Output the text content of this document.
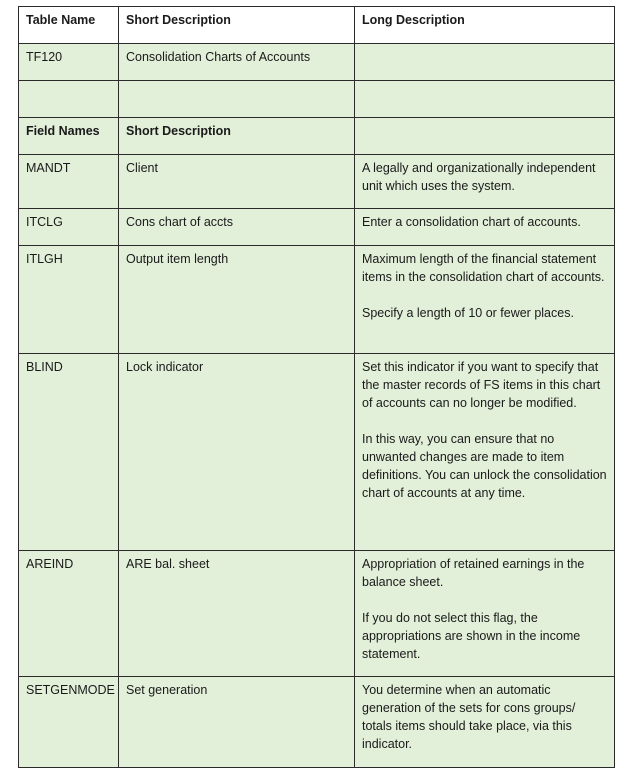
Table Name	Short Description	Long Description
TF120	Consolidation Charts of Accounts	

Field Names	Short Description	
MANDT	Client	A legally and organizationally independent unit which uses the system.

ITCLG	Cons chart of accts	Enter a consolidation chart of accounts.

ITLGH	Output item length	Maximum length of the financial statement items in the consolidation chart of accounts.
Specify a length of 10 or fewer places.

BLIND	Lock indicator	Set this indicator if you want to specify that the master records of FS items in this chart of accounts can no longer be modified.
In this way, you can ensure that no unwanted changes are made to item definitions. You can unlock the consolidation chart of accounts at any time.

AREIND	ARE bal. sheet	Appropriation of retained earnings in the balance sheet.
If you do not select this flag, the appropriations are shown in the income statement.

SETGENMODE	Set generation	You determine when an automatic generation of the sets for cons groups/ totals items should take place, via this indicator.
